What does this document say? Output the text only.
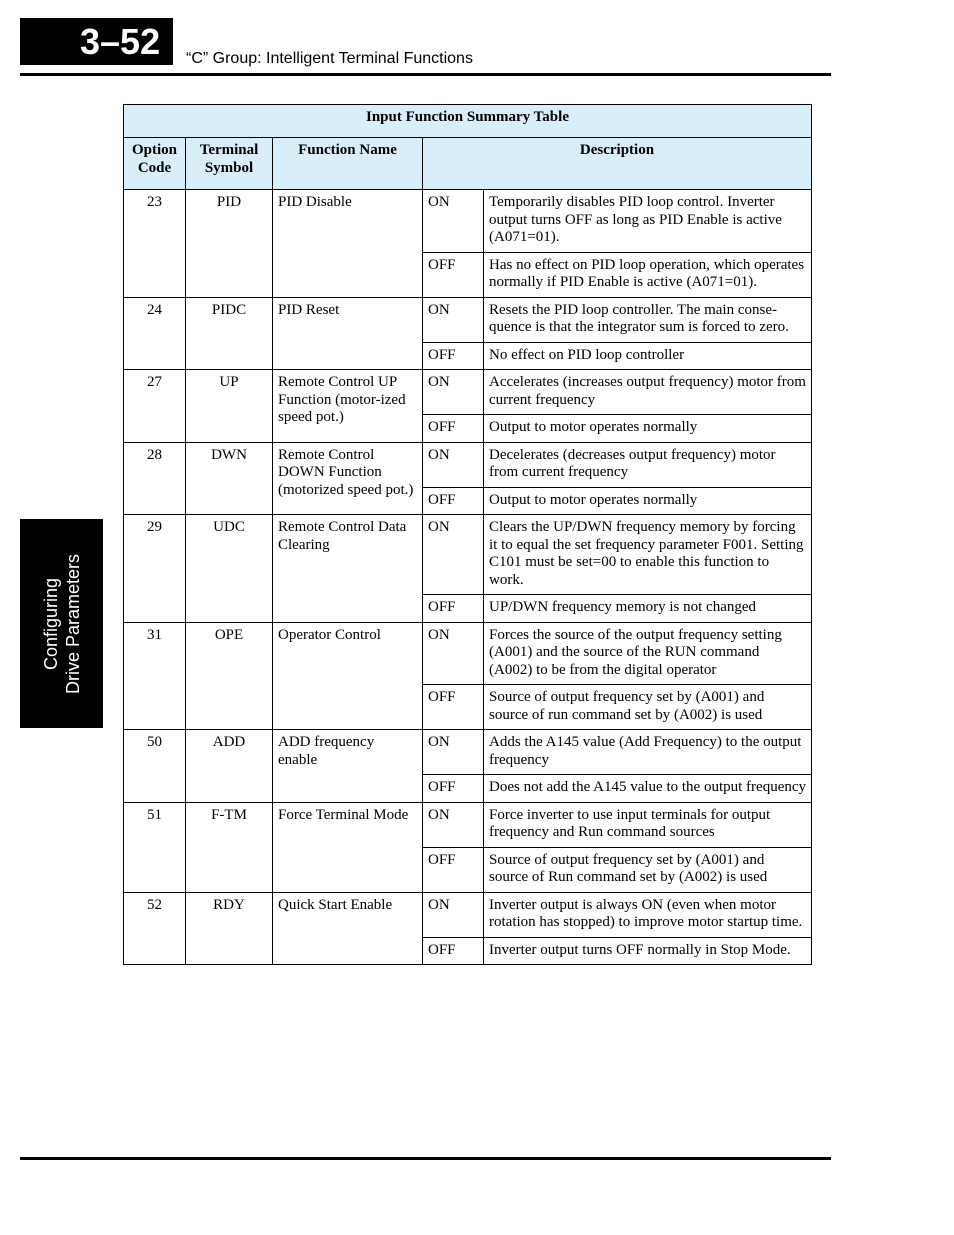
3–52	“C” Group: Intelligent Terminal Functions
Configuring Drive Parameters
Input Function Summary Table				
Option Code	Terminal Symbol	Function Name	Description	
23	PID	PID Disable	ON	Temporarily disables PID loop control. Inverter output turns OFF as long as PID Enable is active (A071=01).
			OFF	Has no effect on PID loop operation, which operates normally if PID Enable is active (A071=01).
24	PIDC	PID Reset	ON	Resets the PID loop controller. The main conse-quence is that the integrator sum is forced to zero.
			OFF	No effect on PID loop controller
27	UP	Remote Control UP Function (motor-ized speed pot.)	ON	Accelerates (increases output frequency) motor from current frequency
			OFF	Output to motor operates normally
28	DWN	Remote Control DOWN Function (motorized speed pot.)	ON	Decelerates (decreases output frequency) motor from current frequency
			OFF	Output to motor operates normally
29	UDC	Remote Control Data Clearing	ON	Clears the UP/DWN frequency memory by forcing it to equal the set frequency parameter F001. Setting C101 must be set=00 to enable this function to work.
			OFF	UP/DWN frequency memory is not changed
31	OPE	Operator Control	ON	Forces the source of the output frequency setting (A001) and the source of the RUN command (A002) to be from the digital operator
			OFF	Source of output frequency set by (A001) and source of run command set by (A002) is used
50	ADD	ADD frequency enable	ON	Adds the A145 value (Add Frequency) to the output frequency
			OFF	Does not add the A145 value to the output frequency
51	F-TM	Force Terminal Mode	ON	Force inverter to use input terminals for output frequency and Run command sources
			OFF	Source of output frequency set by (A001) and source of Run command set by (A002) is used
52	RDY	Quick Start Enable	ON	Inverter output is always ON (even when motor rotation has stopped) to improve motor startup time.
			OFF	Inverter output turns OFF normally in Stop Mode.
